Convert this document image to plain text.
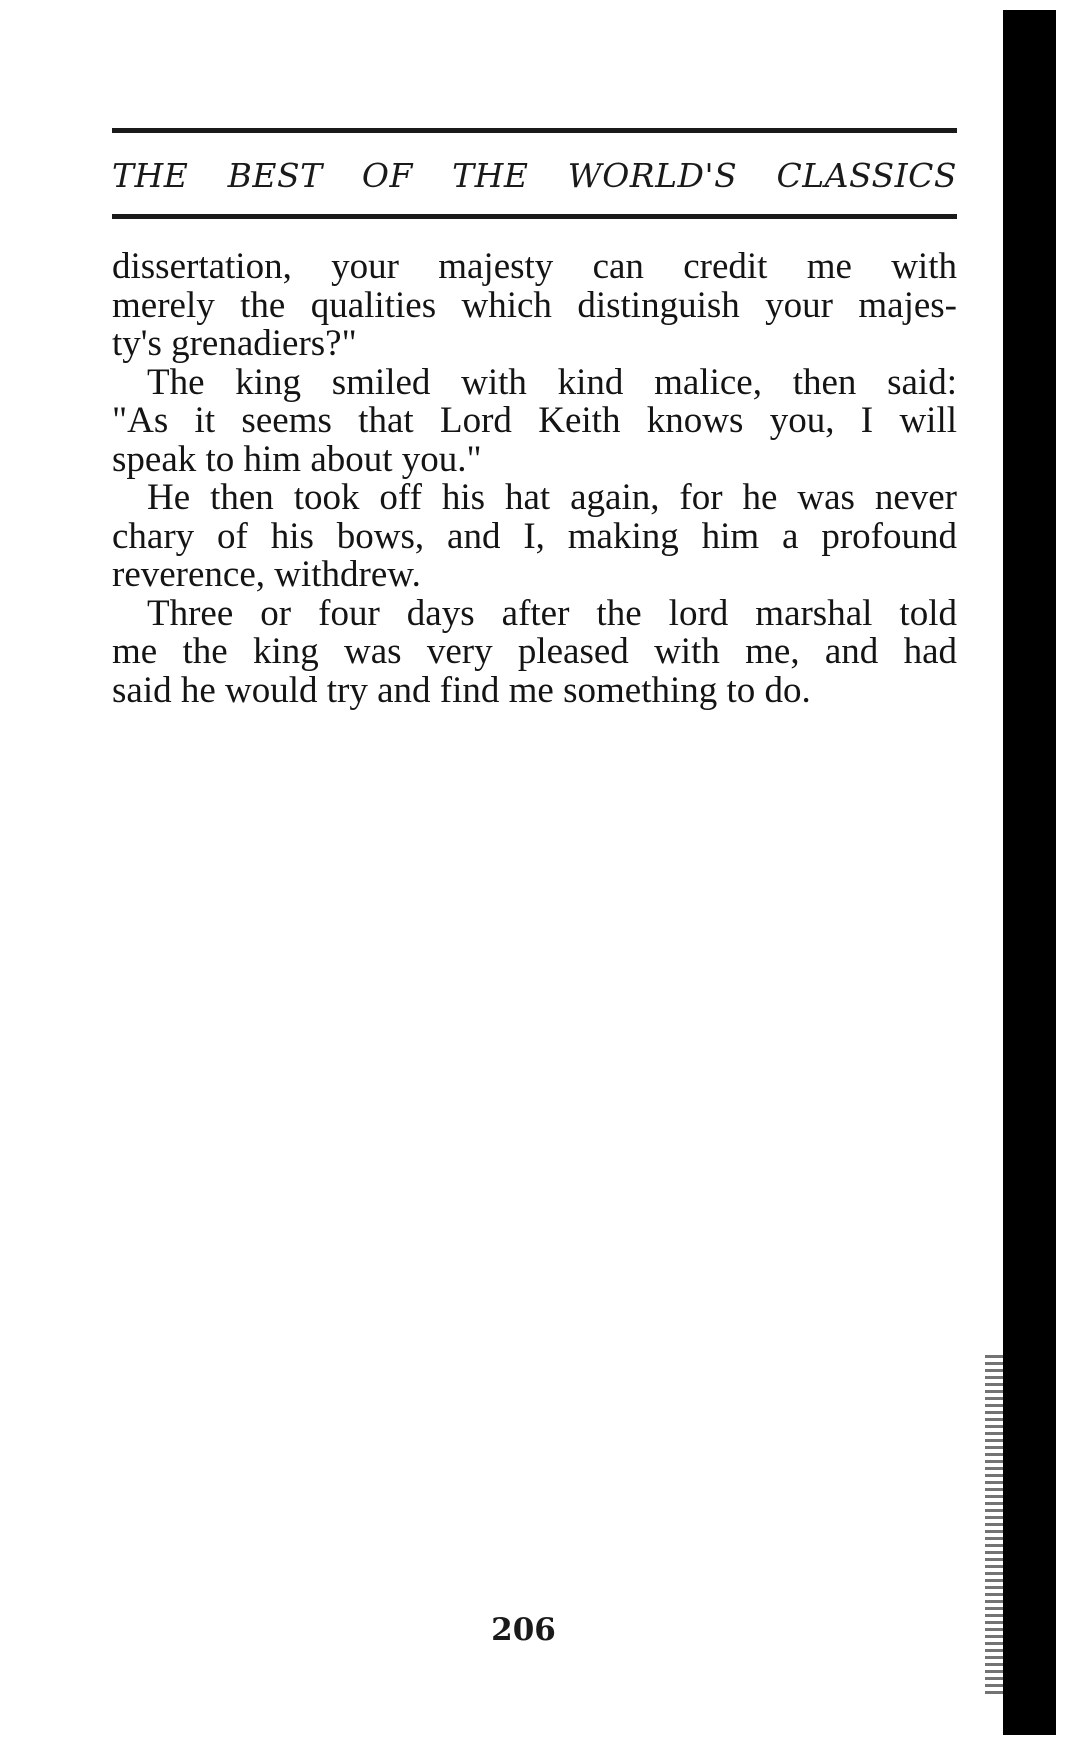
THE BEST OF THE WORLD'S CLASSICS
dissertation, your majesty can credit me with
merely the qualities which distinguish your majes-
ty's grenadiers?"
The king smiled with kind malice, then said:
"As it seems that Lord Keith knows you, I will
speak to him about you."
He then took off his hat again, for he was never
chary of his bows, and I, making him a profound
reverence, withdrew.
Three or four days after the lord marshal told
me the king was very pleased with me, and had
said he would try and find me something to do.
206
